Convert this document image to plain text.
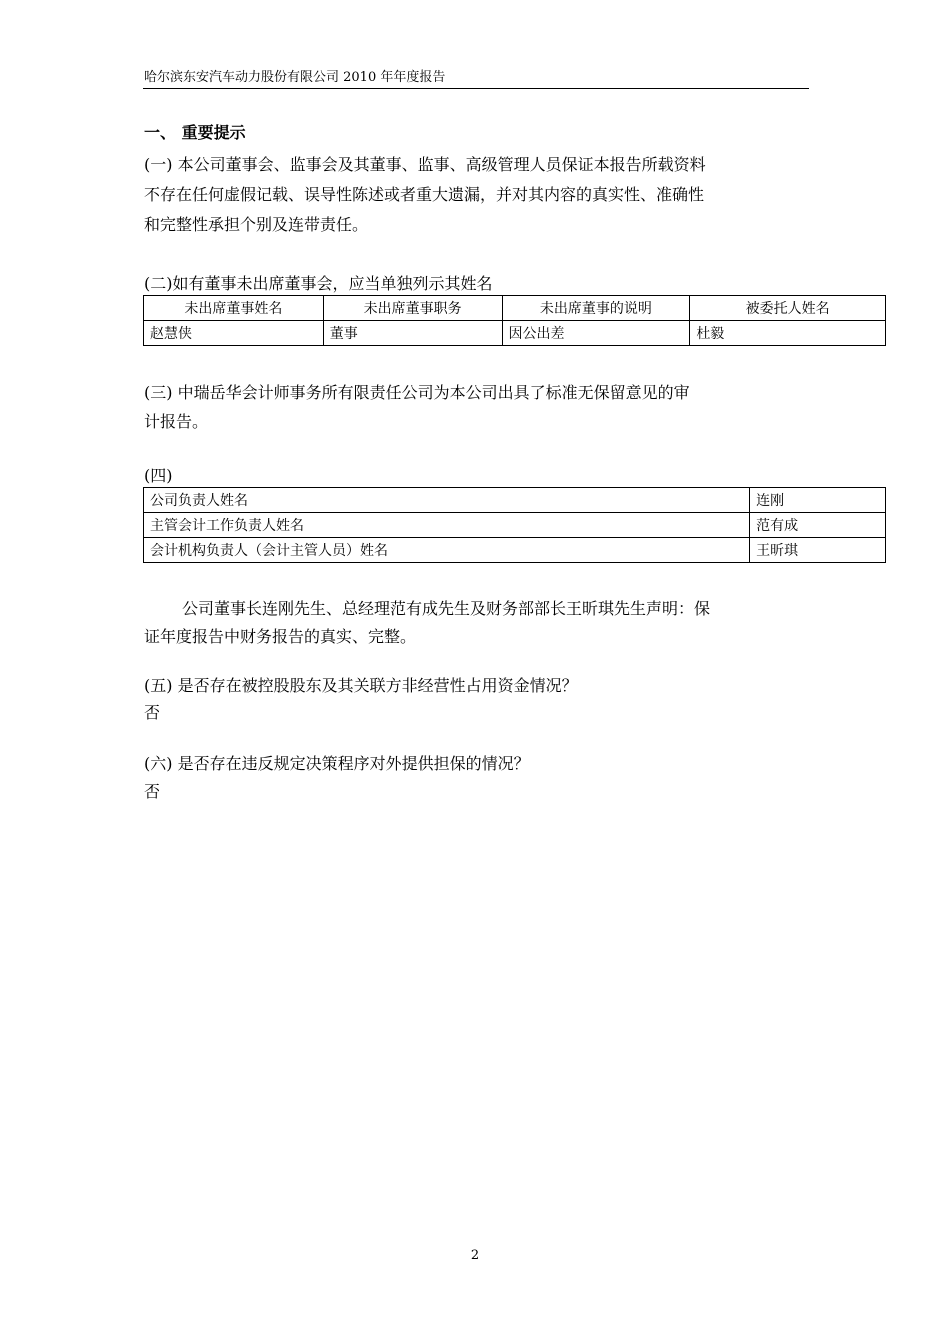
哈尔滨东安汽车动力股份有限公司 2010 年年度报告
一、 重要提示
(一) 本公司董事会、监事会及其董事、监事、高级管理人员保证本报告所载资料
不存在任何虚假记载、误导性陈述或者重大遗漏，并对其内容的真实性、准确性
和完整性承担个别及连带责任。
(二)如有董事未出席董事会，应当单独列示其姓名
未出席董事姓名	未出席董事职务	未出席董事的说明	被委托人姓名
赵慧侠	董事	因公出差	杜毅
(三) 中瑞岳华会计师事务所有限责任公司为本公司出具了标准无保留意见的审
计报告。
(四)
公司负责人姓名	连刚
主管会计工作负责人姓名	范有成
会计机构负责人（会计主管人员）姓名	王昕琪
公司董事长连刚先生、总经理范有成先生及财务部部长王昕琪先生声明：保
证年度报告中财务报告的真实、完整。
(五) 是否存在被控股股东及其关联方非经营性占用资金情况？
否
(六) 是否存在违反规定决策程序对外提供担保的情况？
否
2
